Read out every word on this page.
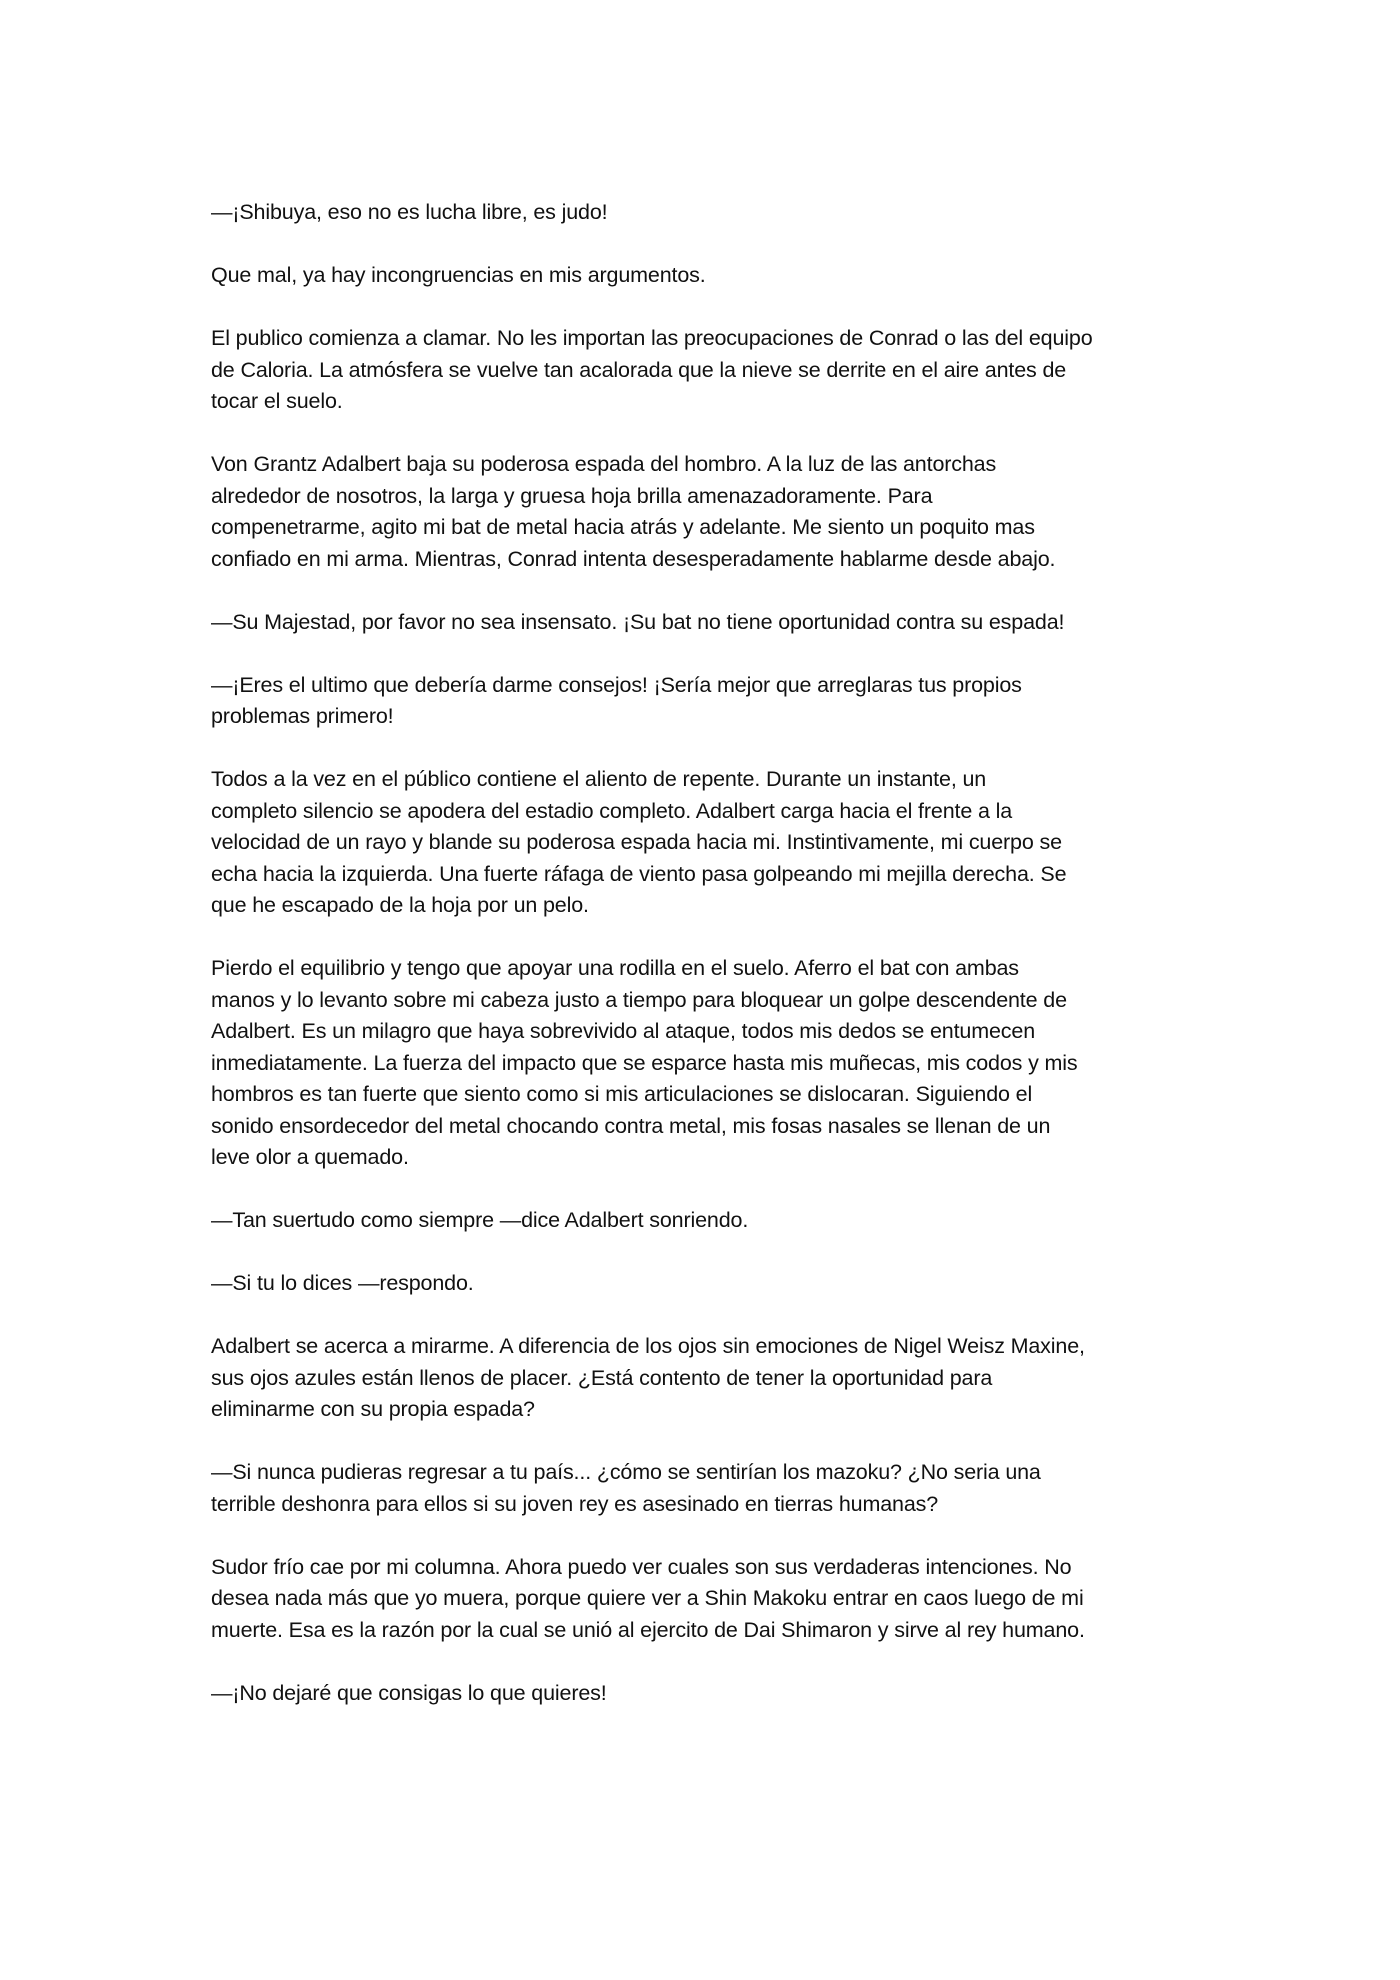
—¡Shibuya, eso no es lucha libre, es judo!

Que mal, ya hay incongruencias en mis argumentos.

El publico comienza a clamar. No les importan las preocupaciones de Conrad o las del equipo
de Caloria. La atmósfera se vuelve tan acalorada que la nieve se derrite en el aire antes de
tocar el suelo.

Von Grantz Adalbert baja su poderosa espada del hombro. A la luz de las antorchas
alrededor de nosotros, la larga y gruesa hoja brilla amenazadoramente. Para
compenetrarme, agito mi bat de metal hacia atrás y adelante. Me siento un poquito mas
confiado en mi arma. Mientras, Conrad intenta desesperadamente hablarme desde abajo.

—Su Majestad, por favor no sea insensato. ¡Su bat no tiene oportunidad contra su espada!

—¡Eres el ultimo que debería darme consejos! ¡Sería mejor que arreglaras tus propios
problemas primero!

Todos a la vez en el público contiene el aliento de repente. Durante un instante, un
completo silencio se apodera del estadio completo. Adalbert carga hacia el frente a la
velocidad de un rayo y blande su poderosa espada hacia mi. Instintivamente, mi cuerpo se
echa hacia la izquierda. Una fuerte ráfaga de viento pasa golpeando mi mejilla derecha. Se
que he escapado de la hoja por un pelo.

Pierdo el equilibrio y tengo que apoyar una rodilla en el suelo. Aferro el bat con ambas
manos y lo levanto sobre mi cabeza justo a tiempo para bloquear un golpe descendente de
Adalbert. Es un milagro que haya sobrevivido al ataque, todos mis dedos se entumecen
inmediatamente. La fuerza del impacto que se esparce hasta mis muñecas, mis codos y mis
hombros es tan fuerte que siento como si mis articulaciones se dislocaran. Siguiendo el
sonido ensordecedor del metal chocando contra metal, mis fosas nasales se llenan de un
leve olor a quemado.

—Tan suertudo como siempre —dice Adalbert sonriendo.

—Si tu lo dices —respondo.

Adalbert se acerca a mirarme. A diferencia de los ojos sin emociones de Nigel Weisz Maxine,
sus ojos azules están llenos de placer. ¿Está contento de tener la oportunidad para
eliminarme con su propia espada?

—Si nunca pudieras regresar a tu país... ¿cómo se sentirían los mazoku? ¿No seria una
terrible deshonra para ellos si su joven rey es asesinado en tierras humanas?

Sudor frío cae por mi columna. Ahora puedo ver cuales son sus verdaderas intenciones. No
desea nada más que yo muera, porque quiere ver a Shin Makoku entrar en caos luego de mi
muerte. Esa es la razón por la cual se unió al ejercito de Dai Shimaron y sirve al rey humano.

—¡No dejaré que consigas lo que quieres!
